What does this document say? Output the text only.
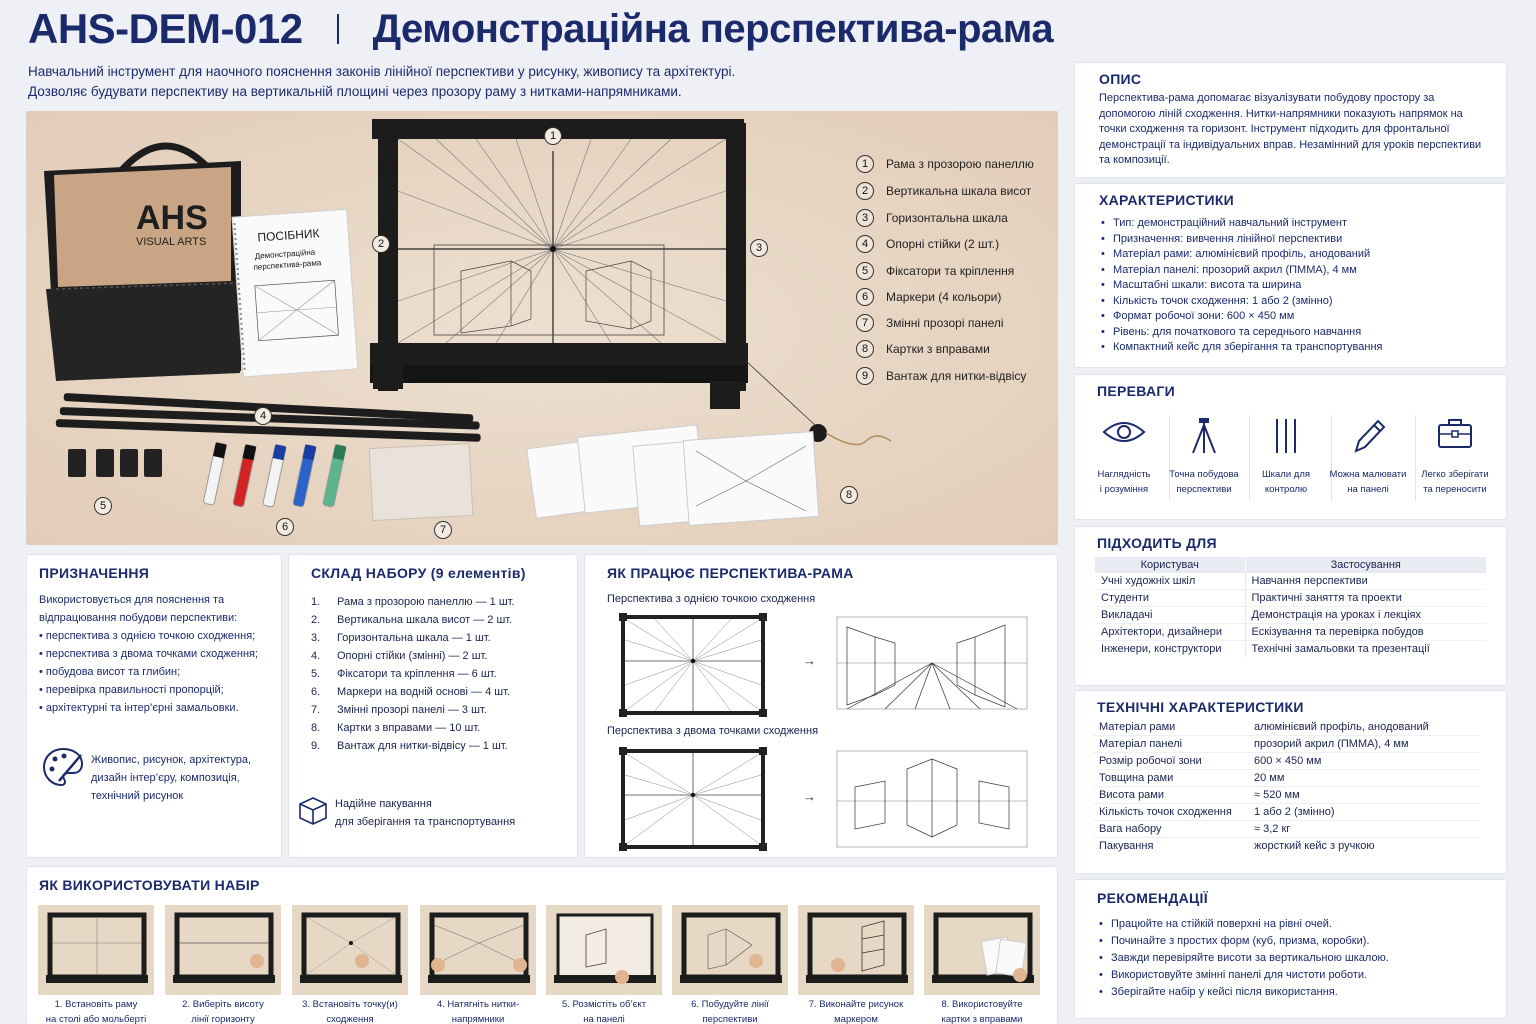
AHS-DEM-012 Демонстраційна перспектива-рама
Навчальний інструмент для наочного пояснення законів лінійної перспективи у рисунку, живопису та архітектурі.
Дозволяє будувати перспективу на вертикальній площині через прозору раму з нитками-напрямниками.
AHS
VISUAL ARTS	ПОСІБНИК
Демонстраційна
перспектива-рама
1
2	3
4
5
6	7
8
1	Рама з прозорою панеллю
2	Вертикальна шкала висот
3	Горизонтальна шкала
4	Опорні стійки (2 шт.)
5	Фіксатори та кріплення
6	Маркери (4 кольори)
7	Змінні прозорі панелі
8	Картки з вправами
9	Вантаж для нитки-відвісу
ОПИС
Перспектива-рама допомагає візуалізувати побудову простору за допомогою ліній сходження. Нитки-напрямники показують напрямок на точки сходження та горизонт. Інструмент підходить для фронтальної демонстрації та індивідуальних вправ. Незамінний для уроків перспективи та композиції.
ХАРАКТЕРИСТИКИ
• Тип: демонстраційний навчальний інструмент
• Призначення: вивчення лінійної перспективи
• Матеріал рами: алюмінієвий профіль, анодований
• Матеріал панелі: прозорий акрил (ПММА), 4 мм
• Масштабні шкали: висота та ширина
• Кількість точок сходження: 1 або 2 (змінно)
• Формат робочої зони: 600 × 450 мм
• Рівень: для початкового та середнього навчання
• Компактний кейс для зберігання та транспортування
ПЕРЕВАГИ
Наглядність
і розуміння
Точна побудова
перспективи
Шкали для
контролю
Можна малювати
на панелі
Легко зберігати
та переносити
ПІДХОДИТЬ ДЛЯ
Користувач	Застосування
Учні художніх шкіл	Навчання перспективи
Студенти	Практичні заняття та проекти
Викладачі	Демонстрація на уроках і лекціях
Архітектори, дизайнери	Ескізування та перевірка побудов
Інженери, конструктори	Технічні замальовки та презентації
ТЕХНІЧНІ ХАРАКТЕРИСТИКИ
Матеріал рами	алюмінієвий профіль, анодований
Матеріал панелі	прозорий акрил (ПММА), 4 мм
Розмір робочої зони	600 × 450 мм
Товщина рами	20 мм
Висота рами	≈ 520 мм
Кількість точок сходження	1 або 2 (змінно)
Вага набору	≈ 3,2 кг
Пакування	жорсткий кейс з ручкою
РЕКОМЕНДАЦІЇ
• Працюйте на стійкій поверхні на рівні очей.
• Починайте з простих форм (куб, призма, коробки).
• Завжди перевіряйте висоти за вертикальною шкалою.
• Використовуйте змінні панелі для чистоти роботи.
• Зберігайте набір у кейсі після використання.
ПРИЗНАЧЕННЯ
Використовується для пояснення та
відпрацювання побудови перспективи:
• перспектива з однією точкою сходження;
• перспектива з двома точками сходження;
• побудова висот та глибин;
• перевірка правильності пропорцій;
• архітектурні та інтер’єрні замальовки.
Живопис, рисунок, архітектура,
дизайн інтер’єру, композиція,
технічний рисунок
СКЛАД НАБОРУ (9 елементів)
1. Рама з прозорою панеллю — 1 шт.
2. Вертикальна шкала висот — 2 шт.
3. Горизонтальна шкала — 1 шт.
4. Опорні стійки (змінні) — 2 шт.
5. Фіксатори та кріплення — 6 шт.
6. Маркери на водній основі — 4 шт.
7. Змінні прозорі панелі — 3 шт.
8. Картки з вправами — 10 шт.
9. Вантаж для нитки-відвісу — 1 шт.
Надійне пакування
для зберігання та транспортування
ЯК ПРАЦЮЄ ПЕРСПЕКТИВА-РАМА
Перспектива з однією точкою сходження
Перспектива з двома точками сходження
→
→
ЯК ВИКОРИСТОВУВАТИ НАБІР
1. Встановіть раму
на столі або мольберті
2. Виберіть висоту
лінії горизонту
3. Встановіть точку(и)
сходження
4. Натягніть нитки-
напрямники
5. Розмістіть об’єкт
на панелі
6. Побудуйте лінії
перспективи
7. Виконайте рисунок
маркером
8. Використовуйте
картки з вправами
